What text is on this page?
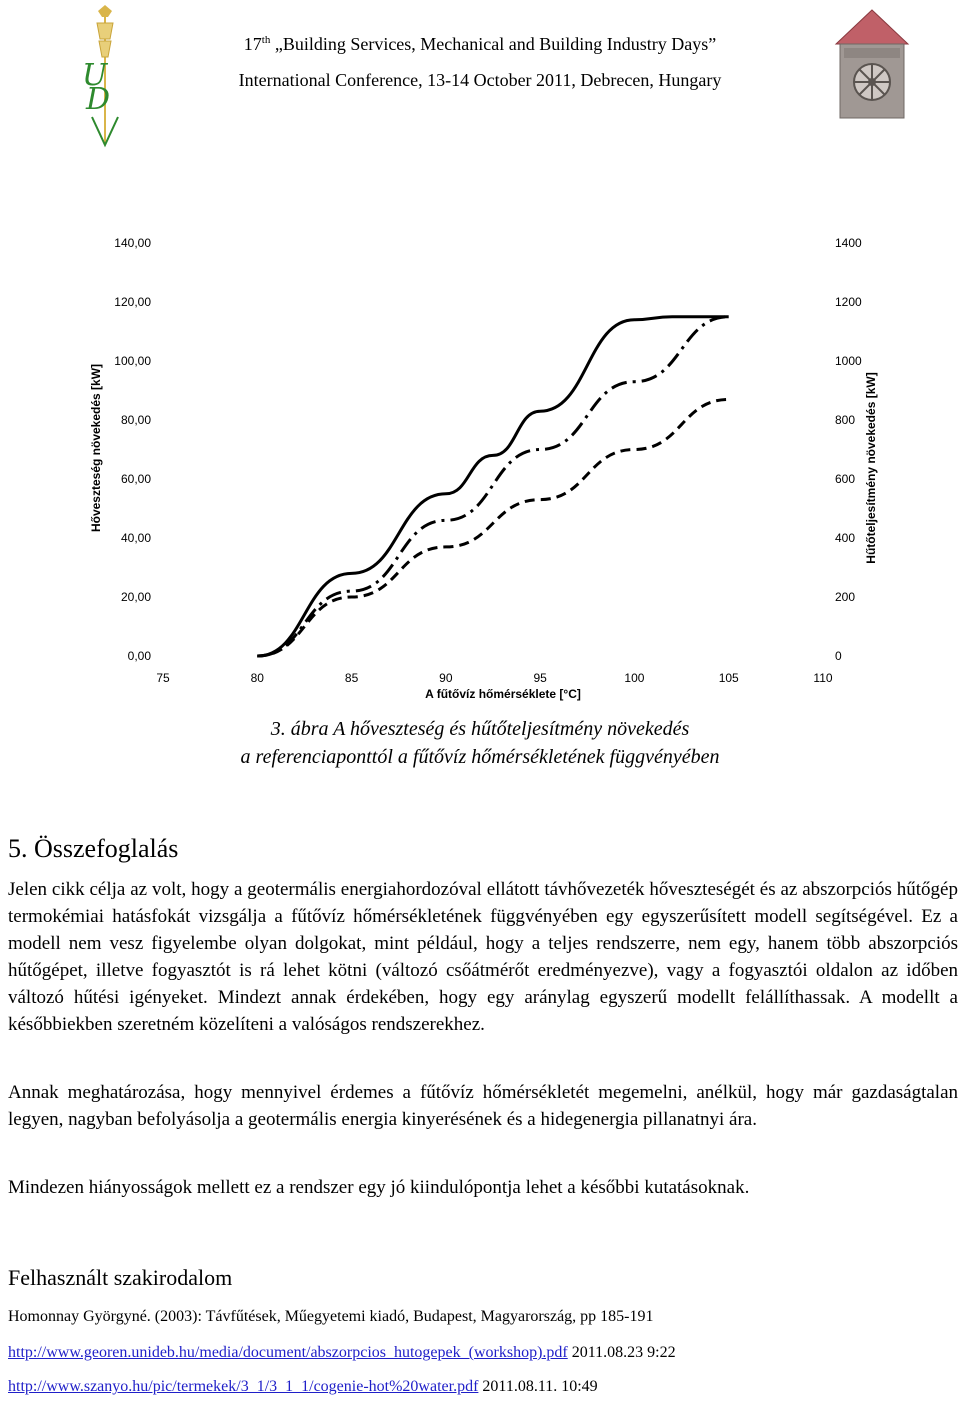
17th „Building Services, Mechanical and Building Industry Days”
International Conference, 13-14 October 2011, Debrecen, Hungary
U
D
0,00
20,00
40,00
60,00
80,00
100,00
120,00
140,00
0
200
400
600
800
1000
1200
1400
75	80	85	90	95	100	105	110
A fűtővíz hőmérséklete [°C]
Hőveszteség növekedés [kW]	Hűtőteljesítmény növekedés [kW]
3. ábra A hőveszteség és hűtőteljesítmény növekedés
a referenciaponttól a fűtővíz hőmérsékletének függvényében
5. Összefoglalás
Jelen cikk célja az volt, hogy a geotermális energiahordozóval ellátott távhővezeték hőveszteségét és az abszorpciós hűtőgép termokémiai hatásfokát vizsgálja a fűtővíz hőmérsékletének függvényében egy egyszerűsített modell segítségével. Ez a modell nem vesz figyelembe olyan dolgokat, mint például, hogy a teljes rendszerre, nem egy, hanem több abszorpciós hűtőgépet, illetve fogyasztót is rá lehet kötni (változó csőátmérőt eredményezve), vagy a fogyasztói oldalon az időben változó hűtési igényeket. Mindezt annak érdekében, hogy egy aránylag egyszerű modellt felállíthassak. A modellt a későbbiekben szeretném közelíteni a valóságos rendszerekhez.
Annak meghatározása, hogy mennyivel érdemes a fűtővíz hőmérsékletét megemelni, anélkül, hogy már gazdaságtalan legyen, nagyban befolyásolja a geotermális energia kinyerésének és a hidegenergia pillanatnyi ára.
Mindezen hiányosságok mellett ez a rendszer egy jó kiindulópontja lehet a későbbi kutatásoknak.
Felhasznált szakirodalom
Homonnay Györgyné. (2003): Távfűtések, Műegyetemi kiadó, Budapest, Magyarország, pp 185-191
http://www.georen.unideb.hu/media/document/abszorpcios_hutogepek_(workshop).pdf 2011.08.23 9:22
http://www.szanyo.hu/pic/termekek/3_1/3_1_1/cogenie-hot%20water.pdf 2011.08.11. 10:49
